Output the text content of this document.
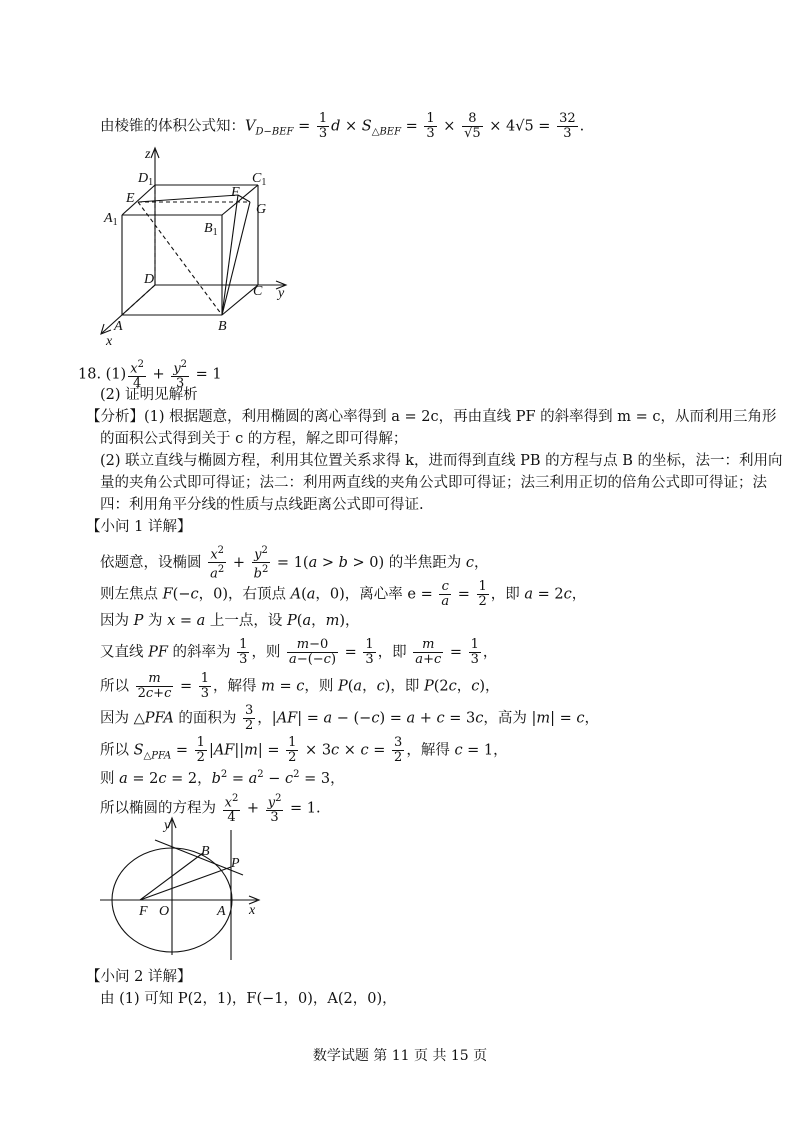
由棱锥的体积公式知：$V_{D-BEF} = \frac{1}{3}$ $d \times S_{\triangle BEF} = \frac{1}{3} \times \frac{8}{√5} \times 4√5 = \frac{32}{3}$ .
z
y
x
$D_1$	$C_1$
$A_1$	$B_1$
E	F
G
D
C
A	B
18. $(1) \frac{x^2}{4} + \frac{y^2}{3} = 1$
(2) 证明见解析
【分析】(1) 根据题意，利用椭圆的离心率得到 a = 2c，再由直线 PF 的斜率得到 m = c，从而利用三角形
的面积公式得到关于 c 的方程，解之即可得解；
(2) 联立直线与椭圆方程，利用其位置关系求得 k，进而得到直线 PB 的方程与点 B 的坐标，法一：利用向
量的夹角公式即可得证；法二：利用两直线的夹角公式即可得证；法三利用正切的倍角公式即可得证；法
四：利用角平分线的性质与点线距离公式即可得证.
【小问 1 详解】
依题意，设椭圆 $\frac{x^2}{a^2} + \frac{y^2}{b^2} = 1(a > b > 0)$ 的半焦距为 c，
则左焦点 F(−c，0)，右顶点 A(a，0)，离心率 $e = \frac{c}{a} = \frac{1}{2}$ ，即 a = 2c，
因为 P 为 x = a 上一点，设 P(a，m)，
又直线 PF 的斜率为 $\frac{1}{3}$ ，则 $\frac{m-0}{a-(-c)} = \frac{1}{3}$ ，即 $\frac{m}{a+c} = \frac{1}{3}$ ，
所以 $\frac{m}{2c+c} = \frac{1}{3}$ ，解得 m = c，则 P(a，c)，即 P(2c，c)，
因为 △PFA 的面积为 $\frac{3}{2}$ ，|AF| = a − (−c) = a + c = 3c，高为 |m| = c，
所以 $S_{\triangle PFA} = \frac{1}{2} |AF||m| = \frac{1}{2} \times 3c \times c = \frac{3}{2}$ ，解得 c = 1，
则 a = 2c = 2，$b^2 = a^2 - c^2 = 3$，
所以椭圆的方程为 $\frac{x^2}{4} + \frac{y^2}{3} = 1$.
y
x
B
P
F O	A
【小问 2 详解】
由 (1) 可知 P(2，1)，F(−1，0)，A(2，0)，
数学试题 第 11 页 共 15 页
